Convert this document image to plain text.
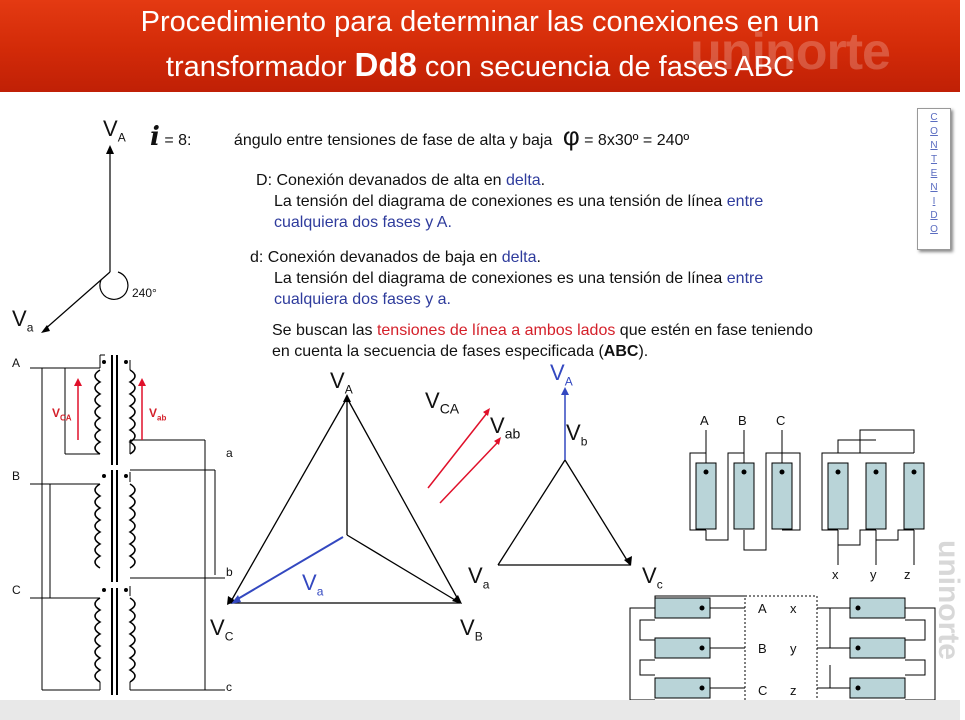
uninorte
Procedimiento para determinar las conexiones en un
transformador Dd8 con secuencia de fases ABC
uninorte
C
O
N
T
E
N
I
D
O
i = 8:	ángulo entre tensiones de fase de alta y baja φ = 8x30º = 240º
D: Conexión devanados de alta en delta.
La tensión del diagrama de conexiones es una tensión de línea entre
cualquiera dos fases y A.
d: Conexión devanados de baja en delta.
La tensión del diagrama de conexiones es una tensión de línea entre
cualquiera dos fases y a.
Se buscan las tensiones de línea a ambos lados que estén en fase teniendo
en cuenta la secuencia de fases especificada (ABC).
$V_A$
$V_a$
240°
A
B
C
a
b
c
$V_{CA}$	$V_{ab}$
$V_A$
$V_C$	$V_B$
$V_a$
$V_{CA}$
$V_{ab}$
$V_A$
$V_b$
$V_a$	$V_c$
A B C
x y z
A
B
C
x
y
z
